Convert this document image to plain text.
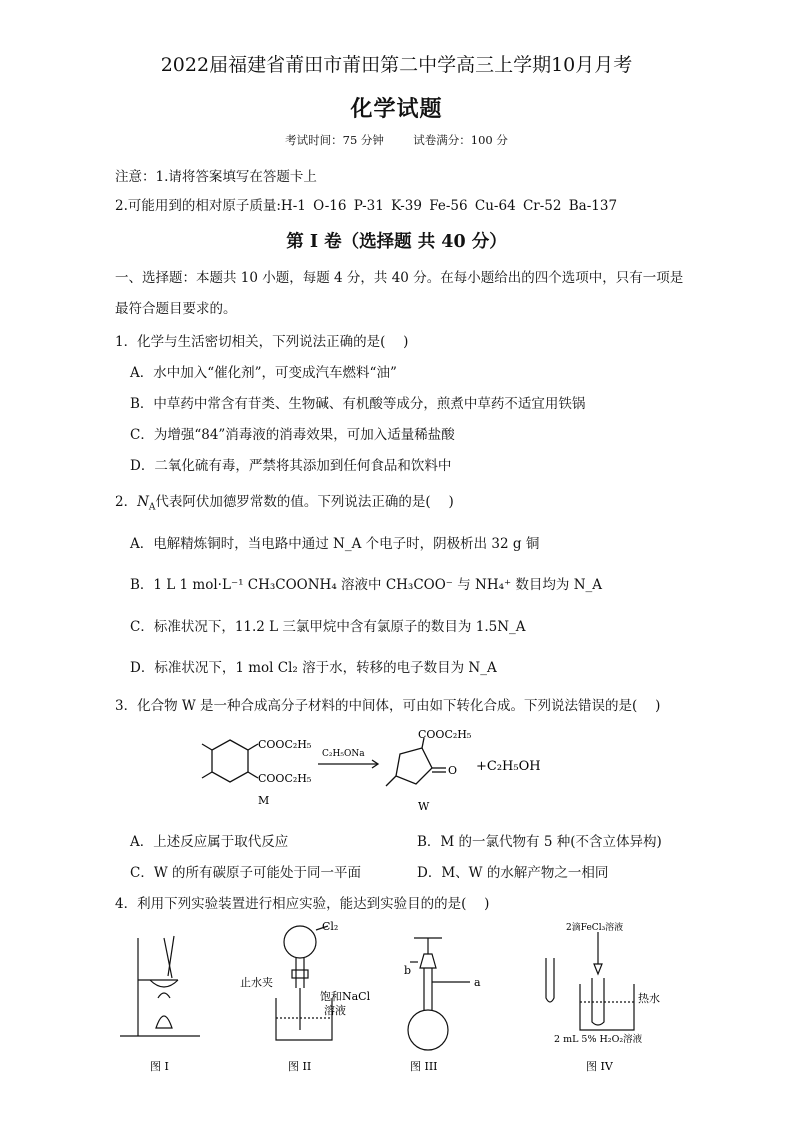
2022届福建省莆田市莆田第二中学高三上学期10月月考
化学试题
考试时间：75 分钟	试卷满分：100 分
注意：1.请将答案填写在答题卡上
2.可能用到的相对原子质量:H-1 O-16 P-31 K-39 Fe-56 Cu-64 Cr-52 Ba-137
第 I 卷（选择题 共 40 分）
一、选择题：本题共 10 小题，每题 4 分，共 40 分。在每小题给出的四个选项中，只有一项是
最符合题目要求的。
1．化学与生活密切相关，下列说法正确的是(　 )
A．水中加入“催化剂”，可变成汽车燃料“油”
B．中草药中常含有苷类、生物碱、有机酸等成分，煎煮中草药不适宜用铁锅
C．为增强“84”消毒液的消毒效果，可加入适量稀盐酸
D．二氧化硫有毒，严禁将其添加到任何食品和饮料中
2．$N_A$代表阿伏加德罗常数的值。下列说法正确的是(　 )
A．电解精炼铜时，当电路中通过 N_A 个电子时，阴极析出 32 g 铜
B．1 L 1 mol·L⁻¹ CH₃COONH₄ 溶液中 CH₃COO⁻ 与 NH₄⁺ 数目均为 N_A
C．标准状况下，11.2 L 三氯甲烷中含有氯原子的数目为 1.5N_A
D．标准状况下，1 mol Cl₂ 溶于水，转移的电子数目为 N_A
3．化合物 W 是一种合成高分子材料的中间体，可由如下转化合成。下列说法错误的是(　 )
COOC₂H₅
COOC₂H₅
M
C₂H₅ONa
COOC₂H₅
O
W
+C₂H₅OH
A．上述反应属于取代反应	B．M 的一氯代物有 5 种(不含立体异构)
C．W 的所有碳原子可能处于同一平面	D．M、W 的水解产物之一相同
4．利用下列实验装置进行相应实验，能达到实验目的的是(　 )
Cl₂
止水夹
饱和NaCl
溶液
b
a
2滴FeCl₃溶液
热水
2 mL 5% H₂O₂溶液
图 I	图 II	图 III	图 IV
